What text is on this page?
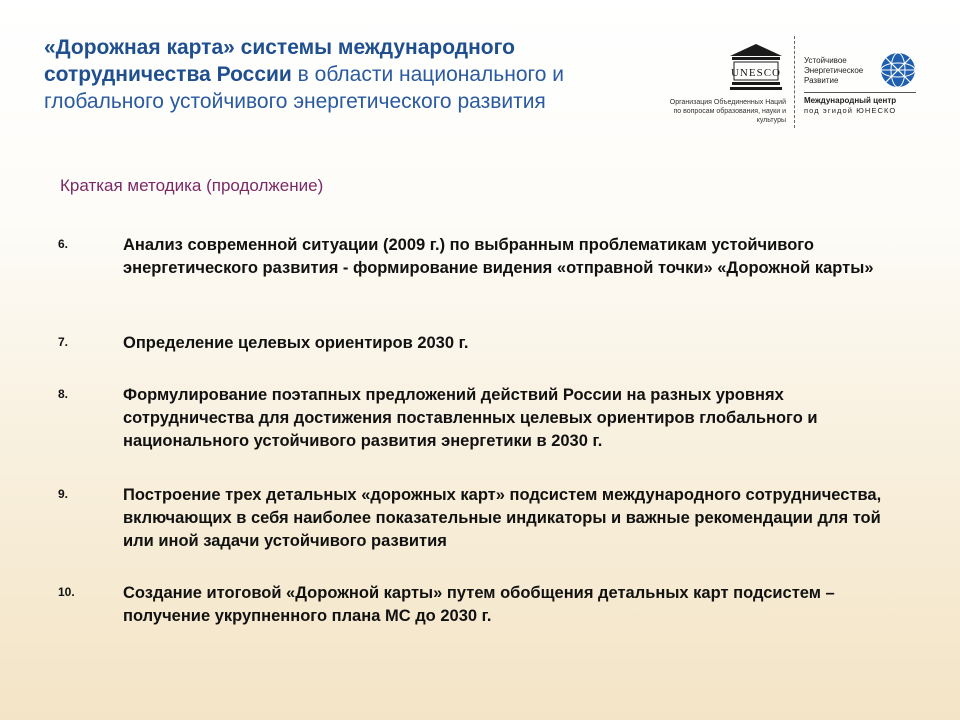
«Дорожная карта» системы международного сотрудничества России в области национального и глобального устойчивого энергетического развития
UNESCO
Организация Объединенных Наций по вопросам образования, науки и культуры
Устойчивое Энергетическое Развитие
Международный центр
под эгидой ЮНЕСКО
Краткая методика (продолжение)
6.	Анализ современной ситуации (2009 г.) по выбранным проблематикам устойчивого энергетического развития - формирование видения «отправной точки» «Дорожной карты»
7.	Определение целевых ориентиров 2030 г.
8.	Формулирование поэтапных предложений действий России на разных уровнях сотрудничества для достижения поставленных целевых ориентиров глобального и национального устойчивого развития энергетики в 2030 г.
9.	Построение трех детальных «дорожных карт» подсистем международного сотрудничества, включающих в себя наиболее показательные индикаторы и важные рекомендации для той или иной задачи устойчивого развития
10.	Создание итоговой «Дорожной карты» путем обобщения детальных карт подсистем – получение укрупненного плана МС до 2030 г.
